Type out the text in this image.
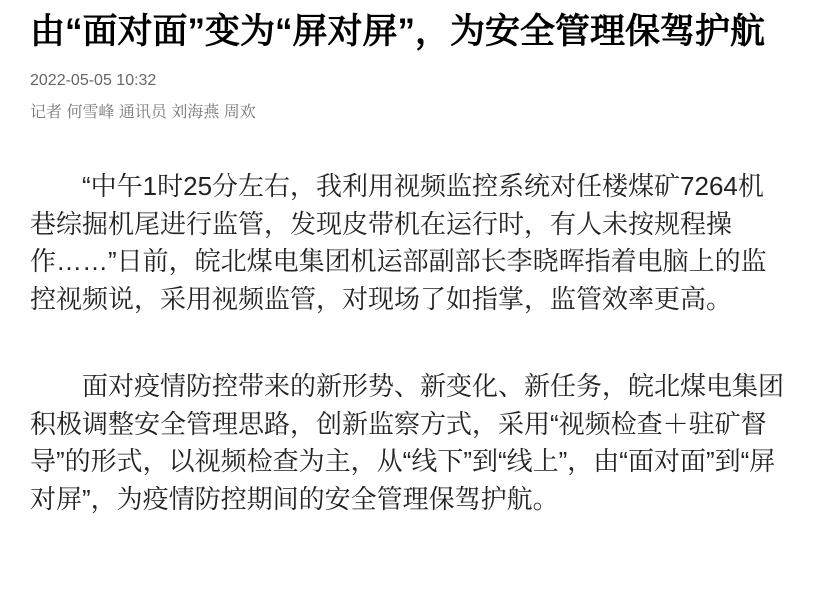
由“面对面”变为“屏对屏”，为安全管理保驾护航
2022-05-05 10:32
记者 何雪峰 通讯员 刘海燕 周欢

“中午1时25分左右，我利用视频监控系统对任楼煤矿7264机巷综掘机尾进行监管，发现皮带机在运行时，有人未按规程操作……”日前，皖北煤电集团机运部副部长李晓晖指着电脑上的监控视频说，采用视频监管，对现场了如指掌，监管效率更高。

面对疫情防控带来的新形势、新变化、新任务，皖北煤电集团积极调整安全管理思路，创新监察方式，采用“视频检查＋驻矿督导”的形式，以视频检查为主，从“线下”到“线上”，由“面对面”到“屏对屏”，为疫情防控期间的安全管理保驾护航。
